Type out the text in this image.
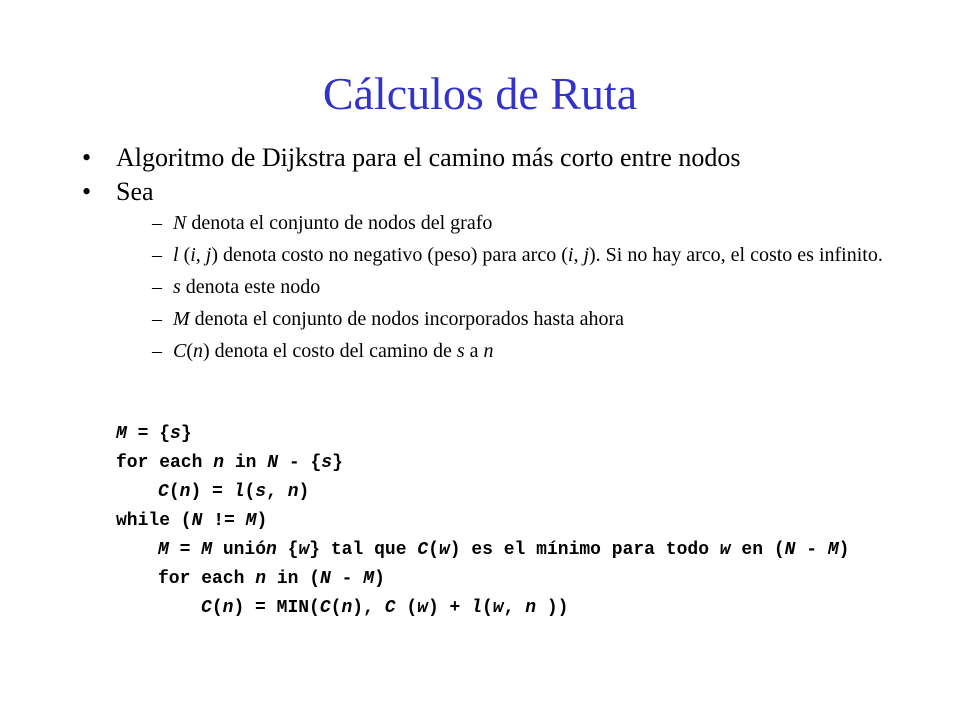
Cálculos de Ruta
• Algoritmo de Dijkstra para el camino más corto entre nodos
• Sea
– N denota el conjunto de nodos del grafo
– l (i, j) denota costo no negativo (peso) para arco (i, j). Si no hay arco, el costo es infinito.
– s denota este nodo
– M denota el conjunto de nodos incorporados hasta ahora
– C(n) denota el costo del camino de s a n
M = {s}
for each n in N - {s}
C(n) = l(s, n)
while (N != M)
M = M unión {w} tal que C(w) es el mínimo para todo w en (N - M)
for each n in (N - M)
C(n) = MIN(C(n), C (w) + l(w, n ))
